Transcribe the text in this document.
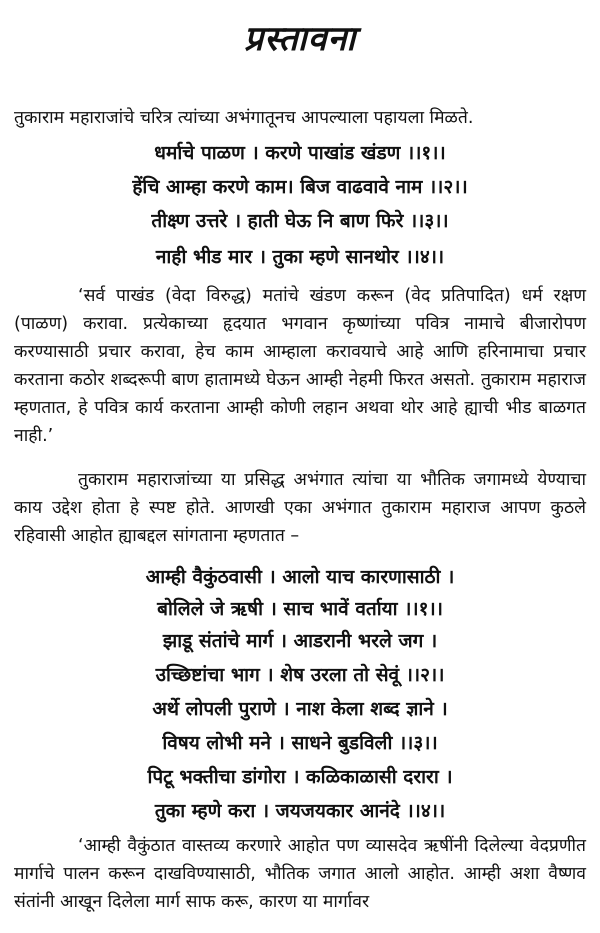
प्रस्तावना
तुकाराम महाराजांचे चरित्र त्यांच्या अभंगातूनच आपल्याला पहायला मिळते.
धर्माचे पाळण । करणे पाखांड खंडण ।।१।।
हेंचि आम्हा करणे काम। बिज वाढवावे नाम ।।२।।
तीक्ष्ण उत्तरे । हाती घेऊ नि बाण फिरे ।।३।।
नाही भीड मार । तुका म्हणे सानथोर ।।४।।
‘सर्व पाखंड (वेदा विरुद्ध) मतांचे खंडण करून (वेद प्रतिपादित) धर्म रक्षण (पाळण) करावा. प्रत्येकाच्या हृदयात भगवान कृष्णांच्या पवित्र नामाचे बीजारोपण करण्यासाठी प्रचार करावा, हेच काम आम्हाला करावयाचे आहे आणि हरिनामाचा प्रचार करताना कठोर शब्दरूपी बाण हातामध्ये घेऊन आम्ही नेहमी फिरत असतो. तुकाराम महाराज म्हणतात, हे पवित्र कार्य करताना आम्ही कोणी लहान अथवा थोर आहे ह्याची भीड बाळगत नाही.’
तुकाराम महाराजांच्या या प्रसिद्ध अभंगात त्यांचा या भौतिक जगामध्ये येण्याचा काय उद्देश होता हे स्पष्ट होते. आणखी एका अभंगात तुकाराम महाराज आपण कुठले रहिवासी आहोत ह्याबद्दल सांगताना म्हणतात –
आम्ही वैकुंठवासी । आलो याच कारणासाठी ।
बोलिले जे ऋषी । साच भावें वर्ताया ।।१।।
झाडू संतांचे मार्ग । आडरानी भरले जग ।
उच्छिष्टांचा भाग । शेष उरला तो सेवूं ।।२।।
अर्थे लोपली पुराणे । नाश केला शब्द ज्ञाने ।
विषय लोभी मने । साधने बुडविली ।।३।।
पिटू भक्तीचा डांगोरा । कळिकाळासी दरारा ।
तुका म्हणे करा । जयजयकार आनंदे ।।४।।
‘आम्ही वैकुंठात वास्तव्य करणारे आहोत पण व्यासदेव ऋषींनी दिलेल्या वेदप्रणीत मार्गाचे पालन करून दाखविण्यासाठी, भौतिक जगात आलो आहोत. आम्ही अशा वैष्णव संतांनी आखून दिलेला मार्ग साफ करू, कारण या मार्गावर
